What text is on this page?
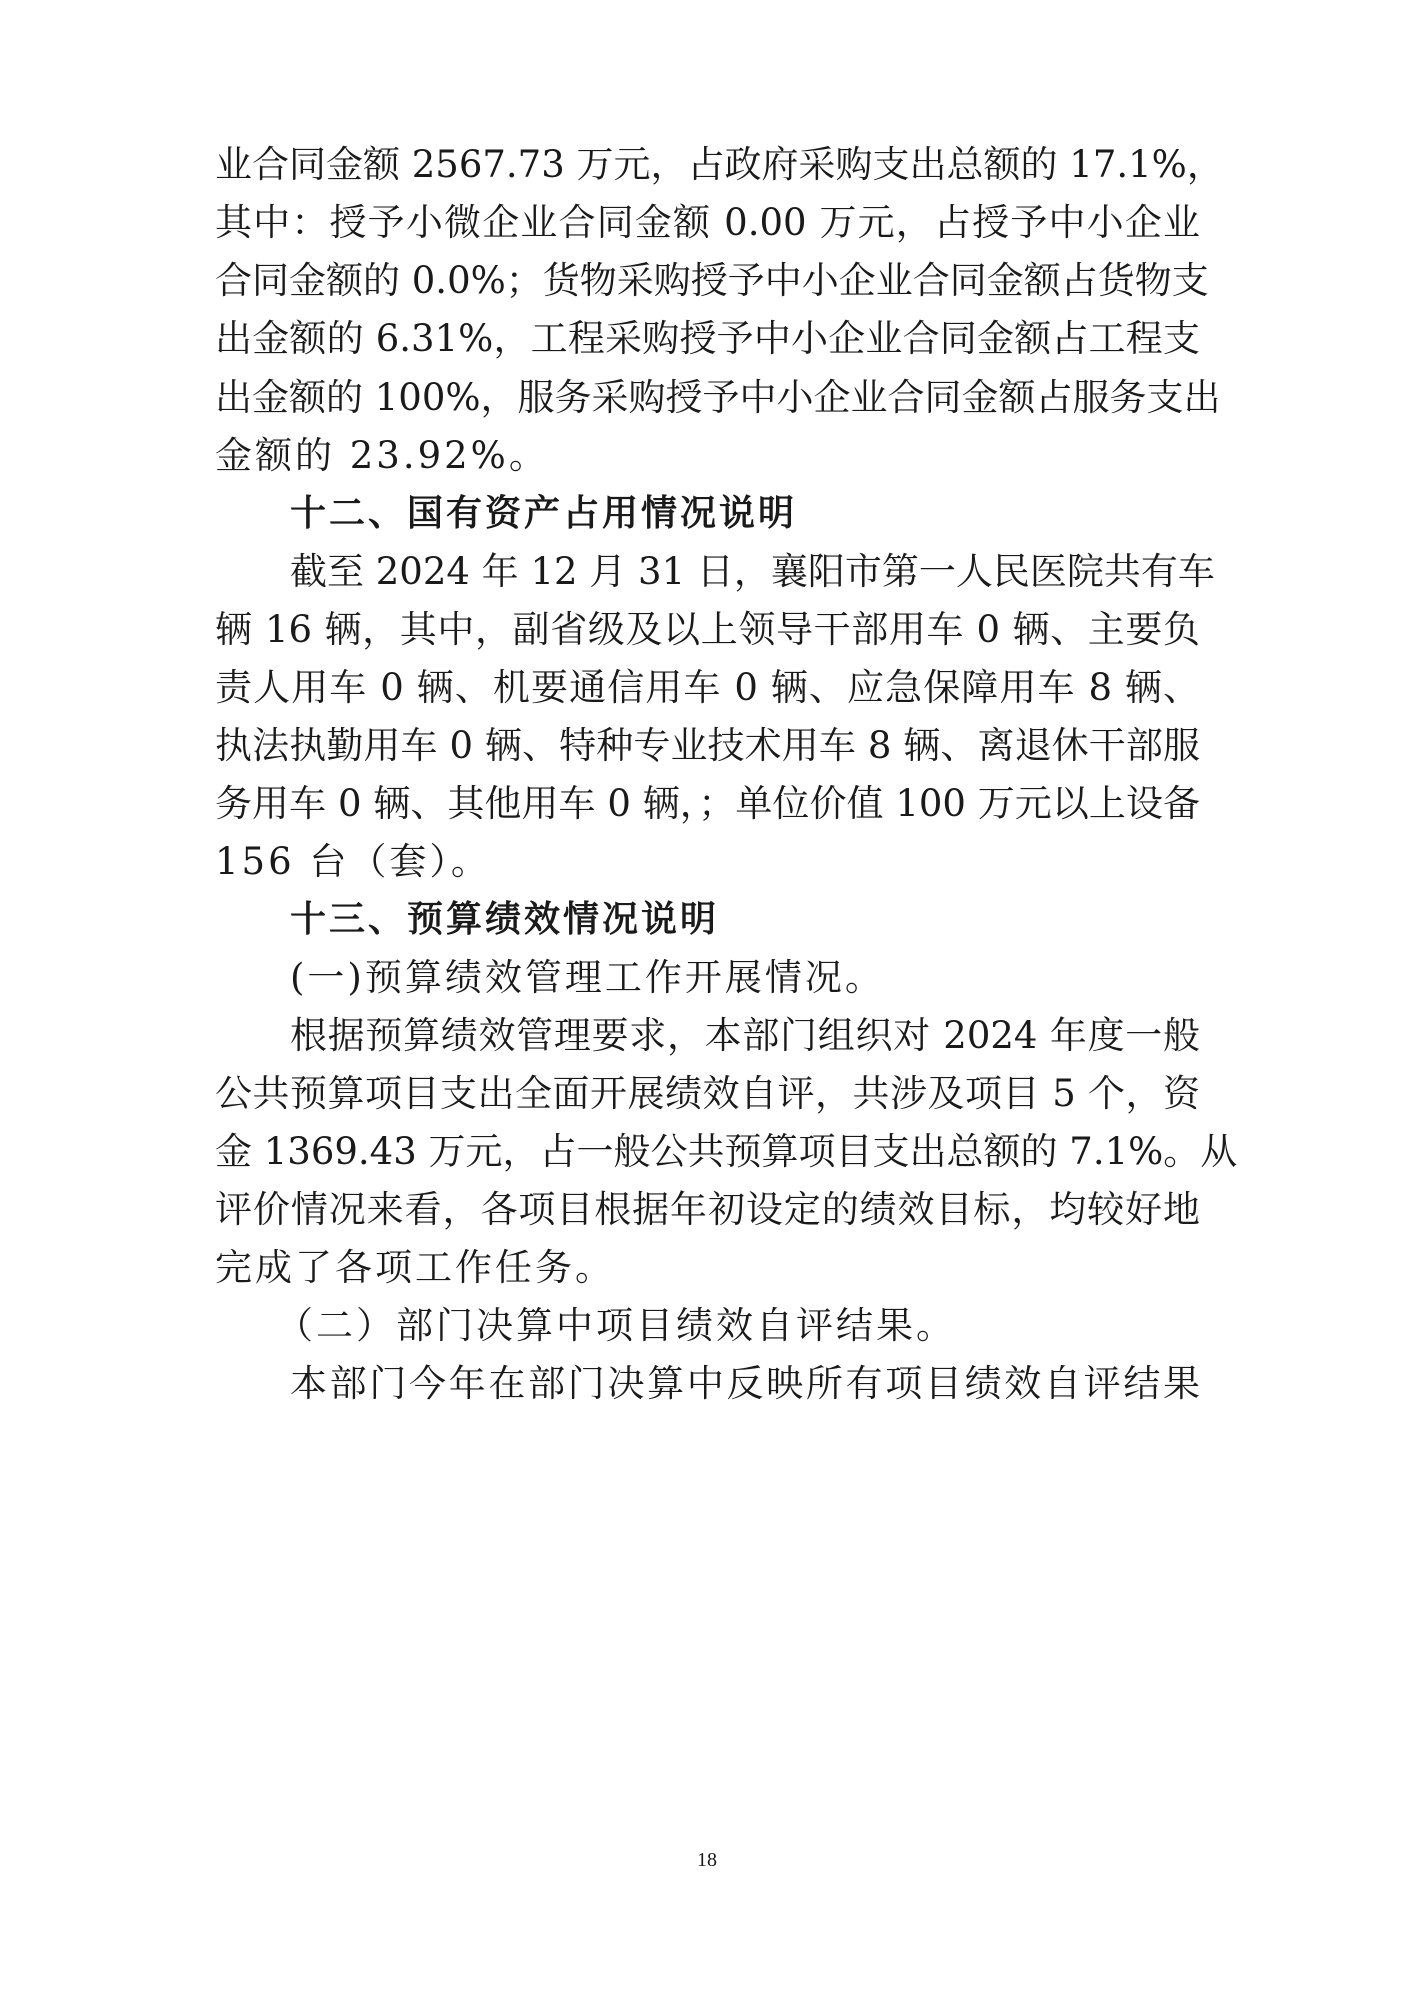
业合同金额 2567.73 万元，占政府采购支出总额的 17.1%，
其中：授予小微企业合同金额 0.00 万元，占授予中小企业
合同金额的 0.0%；货物采购授予中小企业合同金额占货物支
出金额的 6.31%，工程采购授予中小企业合同金额占工程支
出金额的 100%，服务采购授予中小企业合同金额占服务支出
金额的 23.92%。
十二、国有资产占用情况说明
截至 2024 年 12 月 31 日，襄阳市第一人民医院共有车
辆 16 辆，其中，副省级及以上领导干部用车 0 辆、主要负
责人用车 0 辆、机要通信用车 0 辆、应急保障用车 8 辆、
执法执勤用车 0 辆、特种专业技术用车 8 辆、离退休干部服
务用车 0 辆、其他用车 0 辆，；单位价值 100 万元以上设备
156 台（套）。
十三、预算绩效情况说明
(一)预算绩效管理工作开展情况。
根据预算绩效管理要求，本部门组织对 2024 年度一般
公共预算项目支出全面开展绩效自评，共涉及项目 5 个，资
金 1369.43 万元，占一般公共预算项目支出总额的 7.1%。从
评价情况来看，各项目根据年初设定的绩效目标，均较好地
完成了各项工作任务。
（二）部门决算中项目绩效自评结果。
本部门今年在部门决算中反映所有项目绩效自评结果
18
